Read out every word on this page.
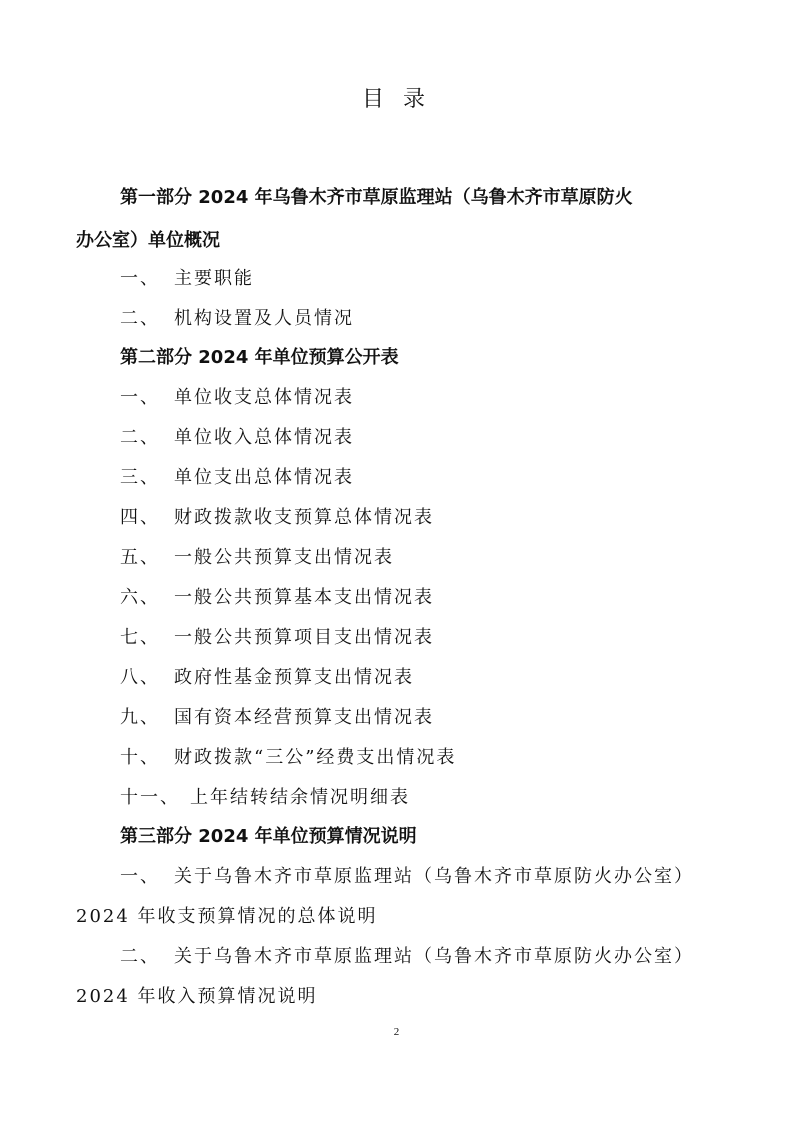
目 录
第一部分 2024 年乌鲁木齐市草原监理站（乌鲁木齐市草原防火
办公室）单位概况
一、 主要职能
二、 机构设置及人员情况
第二部分 2024 年单位预算公开表
一、 单位收支总体情况表
二、 单位收入总体情况表
三、 单位支出总体情况表
四、 财政拨款收支预算总体情况表
五、 一般公共预算支出情况表
六、 一般公共预算基本支出情况表
七、 一般公共预算项目支出情况表
八、 政府性基金预算支出情况表
九、 国有资本经营预算支出情况表
十、 财政拨款“三公”经费支出情况表
十一、 上年结转结余情况明细表
第三部分 2024 年单位预算情况说明
一、 关于乌鲁木齐市草原监理站（乌鲁木齐市草原防火办公室）
2024 年收支预算情况的总体说明
二、 关于乌鲁木齐市草原监理站（乌鲁木齐市草原防火办公室）
2024 年收入预算情况说明
2
